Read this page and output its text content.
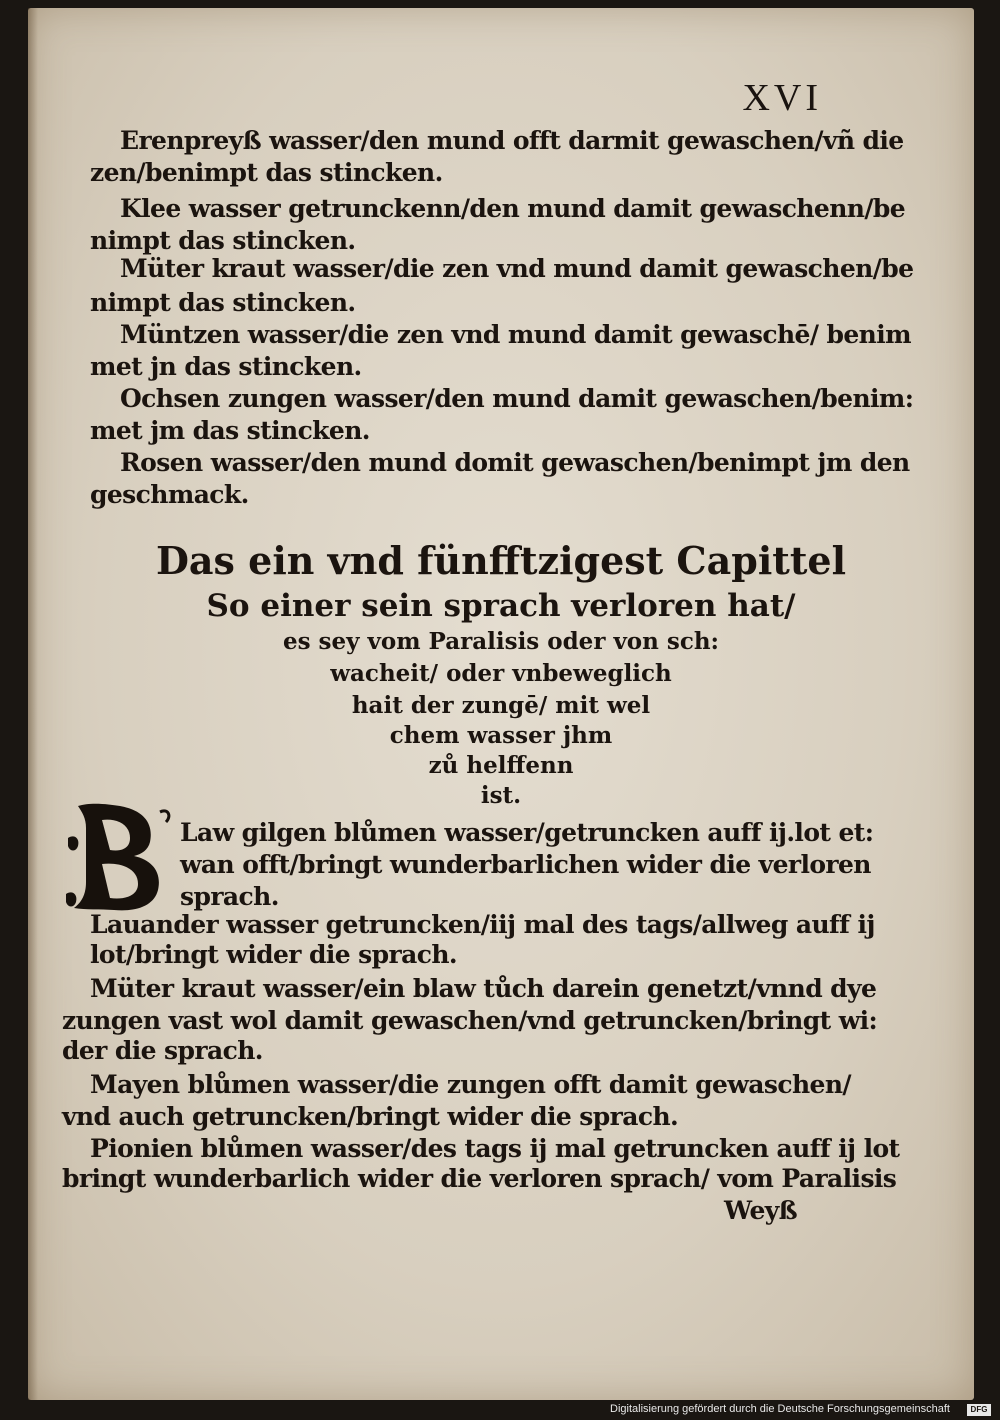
XVI

Erenpreyß wasser/den mund offt darmit gewaschen/vñ die

zen/benimpt das stincken.

Klee wasser getrunckenn/den mund damit gewaschenn/be

nimpt das stincken.

Müter kraut wasser/die zen vnd mund damit gewaschen/be

nimpt das stincken.

Müntzen wasser/die zen vnd mund damit gewaschē/ benim

met jn das stincken.

Ochsen zungen wasser/den mund damit gewaschen/benim:

met jm das stincken.

Rosen wasser/den mund domit gewaschen/benimpt jm den

geschmack.

Das ein vnd fünfftzigest Capittel

So einer sein sprach verloren hat/

es sey vom Paralisis oder von sch:

wacheit/ oder vnbeweglich

hait der zungē/ mit wel

chem wasser jhm

zů helffenn

ist.

Law gilgen blůmen wasser/getruncken auff ij.lot et:

wan offt/bringt wunderbarlichen wider die verloren

sprach.

Lauander wasser getruncken/iij mal des tags/allweg auff ij

lot/bringt wider die sprach.

Müter kraut wasser/ein blaw tůch darein genetzt/vnnd dye

zungen vast wol damit gewaschen/vnd getruncken/bringt wi:

der die sprach.

Mayen blůmen wasser/die zungen offt damit gewaschen/

vnd auch getruncken/bringt wider die sprach.

Pionien blůmen wasser/des tags ij mal getruncken auff ij lot

bringt wunderbarlich wider die verloren sprach/ vom Paralisis

Weyß

Digitalisierung gefördert durch die Deutsche Forschungsgemeinschaft	DFG
